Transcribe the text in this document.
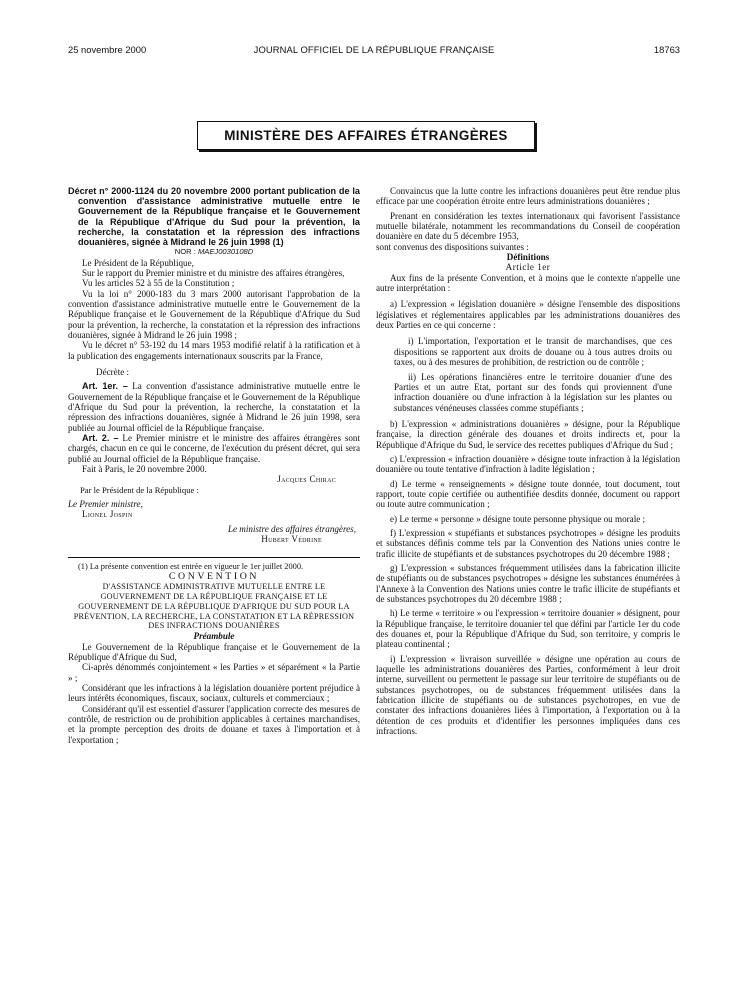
25 novembre 2000	JOURNAL OFFICIEL DE LA RÉPUBLIQUE FRANÇAISE	18763
MINISTÈRE DES AFFAIRES ÉTRANGÈRES

Décret n° 2000-1124 du 20 novembre 2000 portant publication de la convention d'assistance administrative mutuelle entre le Gouvernement de la République française et le Gouvernement de la République d'Afrique du Sud pour la prévention, la recherche, la constatation et la répression des infractions douanières, signée à Midrand le 26 juin 1998 (1)

NOR : MAEJ0030108D

Le Président de la République,

Sur le rapport du Premier ministre et du ministre des affaires étrangères,

Vu les articles 52 à 55 de la Constitution ;

Vu la loi n° 2000-183 du 3 mars 2000 autorisant l'approbation de la convention d'assistance administrative mutuelle entre le Gouvernement de la République française et le Gouvernement de la République d'Afrique du Sud pour la prévention, la recherche, la constatation et la répression des infractions douanières, signée à Midrand le 26 juin 1998 ;

Vu le décret n° 53-192 du 14 mars 1953 modifié relatif à la ratification et à la publication des engagements internationaux souscrits par la France,

Décrète :

Art. 1er. – La convention d'assistance administrative mutuelle entre le Gouvernement de la République française et le Gouvernement de la République d'Afrique du Sud pour la prévention, la recherche, la constatation et la répression des infractions douanières, signée à Midrand le 26 juin 1998, sera publiée au Journal officiel de la République française.

Art. 2. – Le Premier ministre et le ministre des affaires étrangères sont chargés, chacun en ce qui le concerne, de l'exécution du présent décret, qui sera publié au Journal officiel de la République française.

Fait à Paris, le 20 novembre 2000.

Jacques Chirac

Par le Président de la République :

Le Premier ministre,

Lionel Jospin

Le ministre des affaires étrangères,

Hubert Védrine

(1) La présente convention est entrée en vigueur le 1er juillet 2000.

CONVENTION

D'ASSISTANCE ADMINISTRATIVE MUTUELLE ENTRE LE GOUVERNEMENT DE LA RÉPUBLIQUE FRANÇAISE ET LE GOUVERNEMENT DE LA RÉPUBLIQUE D'AFRIQUE DU SUD POUR LA PRÉVENTION, LA RECHERCHE, LA CONSTATATION ET LA RÉPRESSION DES INFRACTIONS DOUANIÈRES

Préambule

Le Gouvernement de la République française et le Gouvernement de la République d'Afrique du Sud,

Ci-après dénommés conjointement « les Parties » et séparément « la Partie » ;

Considérant que les infractions à la législation douanière portent préjudice à leurs intérêts économiques, fiscaux, sociaux, culturels et commerciaux ;

Considérant qu'il est essentiel d'assurer l'application correcte des mesures de contrôle, de restriction ou de prohibition applicables à certaines marchandises, et la prompte perception des droits de douane et taxes à l'importation et à l'exportation ;

Convaincus que la lutte contre les infractions douanières peut être rendue plus efficace par une coopération étroite entre leurs administrations douanières ;

Prenant en considération les textes internationaux qui favorisent l'assistance mutuelle bilatérale, notamment les recommandations du Conseil de coopération douanière en date du 5 décembre 1953,

sont convenus des dispositions suivantes :

Définitions

Article 1er

Aux fins de la présente Convention, et à moins que le contexte n'appelle une autre interprétation :

a) L'expression « législation douanière » désigne l'ensemble des dispositions législatives et réglementaires applicables par les administrations douanières des deux Parties en ce qui concerne :

i) L'importation, l'exportation et le transit de marchandises, que ces dispositions se rapportent aux droits de douane ou à tous autres droits ou taxes, ou à des mesures de prohibition, de restriction ou de contrôle ;

ii) Les opérations financières entre le territoire douanier d'une des Parties et un autre Etat, portant sur des fonds qui proviennent d'une infraction douanière ou d'une infraction à la législation sur les plantes ou substances vénéneuses classées comme stupéfiants ;

b) L'expression « administrations douanières » désigne, pour la République française, la direction générale des douanes et droits indirects et, pour la République d'Afrique du Sud, le service des recettes publiques d'Afrique du Sud ;

c) L'expression « infraction douanière » désigne toute infraction à la législation douanière ou toute tentative d'infraction à ladite législation ;

d) Le terme « renseignements » désigne toute donnée, tout document, tout rapport, toute copie certifiée ou authentifiée desdits donnée, document ou rapport ou toute autre communication ;

e) Le terme « personne » désigne toute personne physique ou morale ;

f) L'expression « stupéfiants et substances psychotropes » désigne les produits et substances définis comme tels par la Convention des Nations unies contre le trafic illicite de stupéfiants et de substances psychotropes du 20 décembre 1988 ;

g) L'expression « substances fréquemment utilisées dans la fabrication illicite de stupéfiants ou de substances psychotropes » désigne les substances énumérées à l'Annexe à la Convention des Nations unies contre le trafic illicite de stupéfiants et de substances psychotropes du 20 décembre 1988 ;

h) Le terme « territoire » ou l'expression « territoire douanier » désignent, pour la République française, le territoire douanier tel que défini par l'article 1er du code des douanes et, pour la République d'Afrique du Sud, son territoire, y compris le plateau continental ;

i) L'expression « livraison surveillée » désigne une opération au cours de laquelle les administrations douanières des Parties, conformément à leur droit interne, surveillent ou permettent le passage sur leur territoire de stupéfiants ou de substances psychotropes, ou de substances fréquemment utilisées dans la fabrication illicite de stupéfiants ou de substances psychotropes, en vue de constater des infractions douanières liées à l'importation, à l'exportation ou à la détention de ces produits et d'identifier les personnes impliquées dans ces infractions.
